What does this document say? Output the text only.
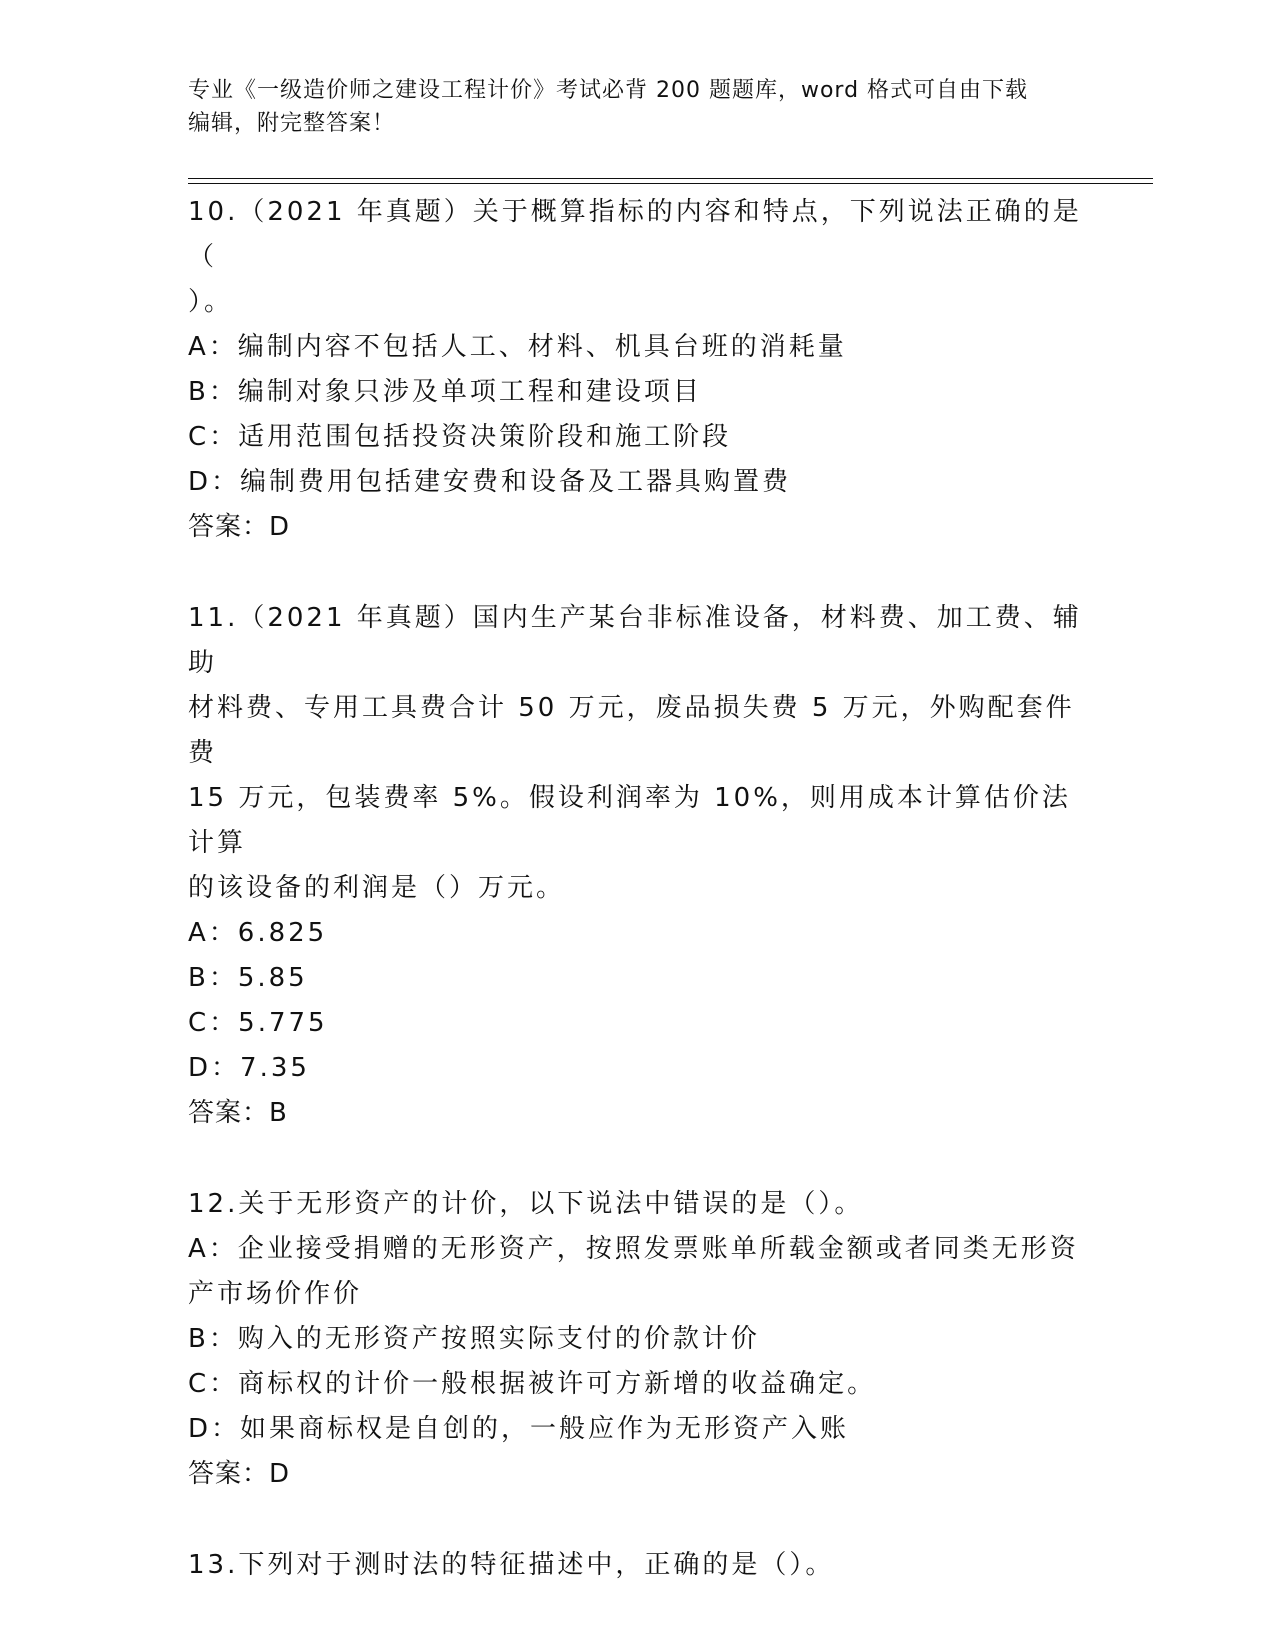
专业《一级造价师之建设工程计价》考试必背 200 题题库，word 格式可自由下载
编辑，附完整答案！
10.（2021 年真题）关于概算指标的内容和特点，下列说法正确的是（
）。
A：编制内容不包括人工、材料、机具台班的消耗量
B：编制对象只涉及单项工程和建设项目
C：适用范围包括投资决策阶段和施工阶段
D：编制费用包括建安费和设备及工器具购置费
答案：D
11.（2021 年真题）国内生产某台非标准设备，材料费、加工费、辅助
材料费、专用工具费合计 50 万元，废品损失费 5 万元，外购配套件费
15 万元，包装费率 5%。假设利润率为 10%，则用成本计算估价法计算
的该设备的利润是（）万元。
A：6.825
B：5.85
C：5.775
D：7.35
答案：B
12.关于无形资产的计价，以下说法中错误的是（）。
A：企业接受捐赠的无形资产，按照发票账单所载金额或者同类无形资
产市场价作价
B：购入的无形资产按照实际支付的价款计价
C：商标权的计价一般根据被许可方新增的收益确定。
D：如果商标权是自创的，一般应作为无形资产入账
答案：D
13.下列对于测时法的特征描述中，正确的是（）。
